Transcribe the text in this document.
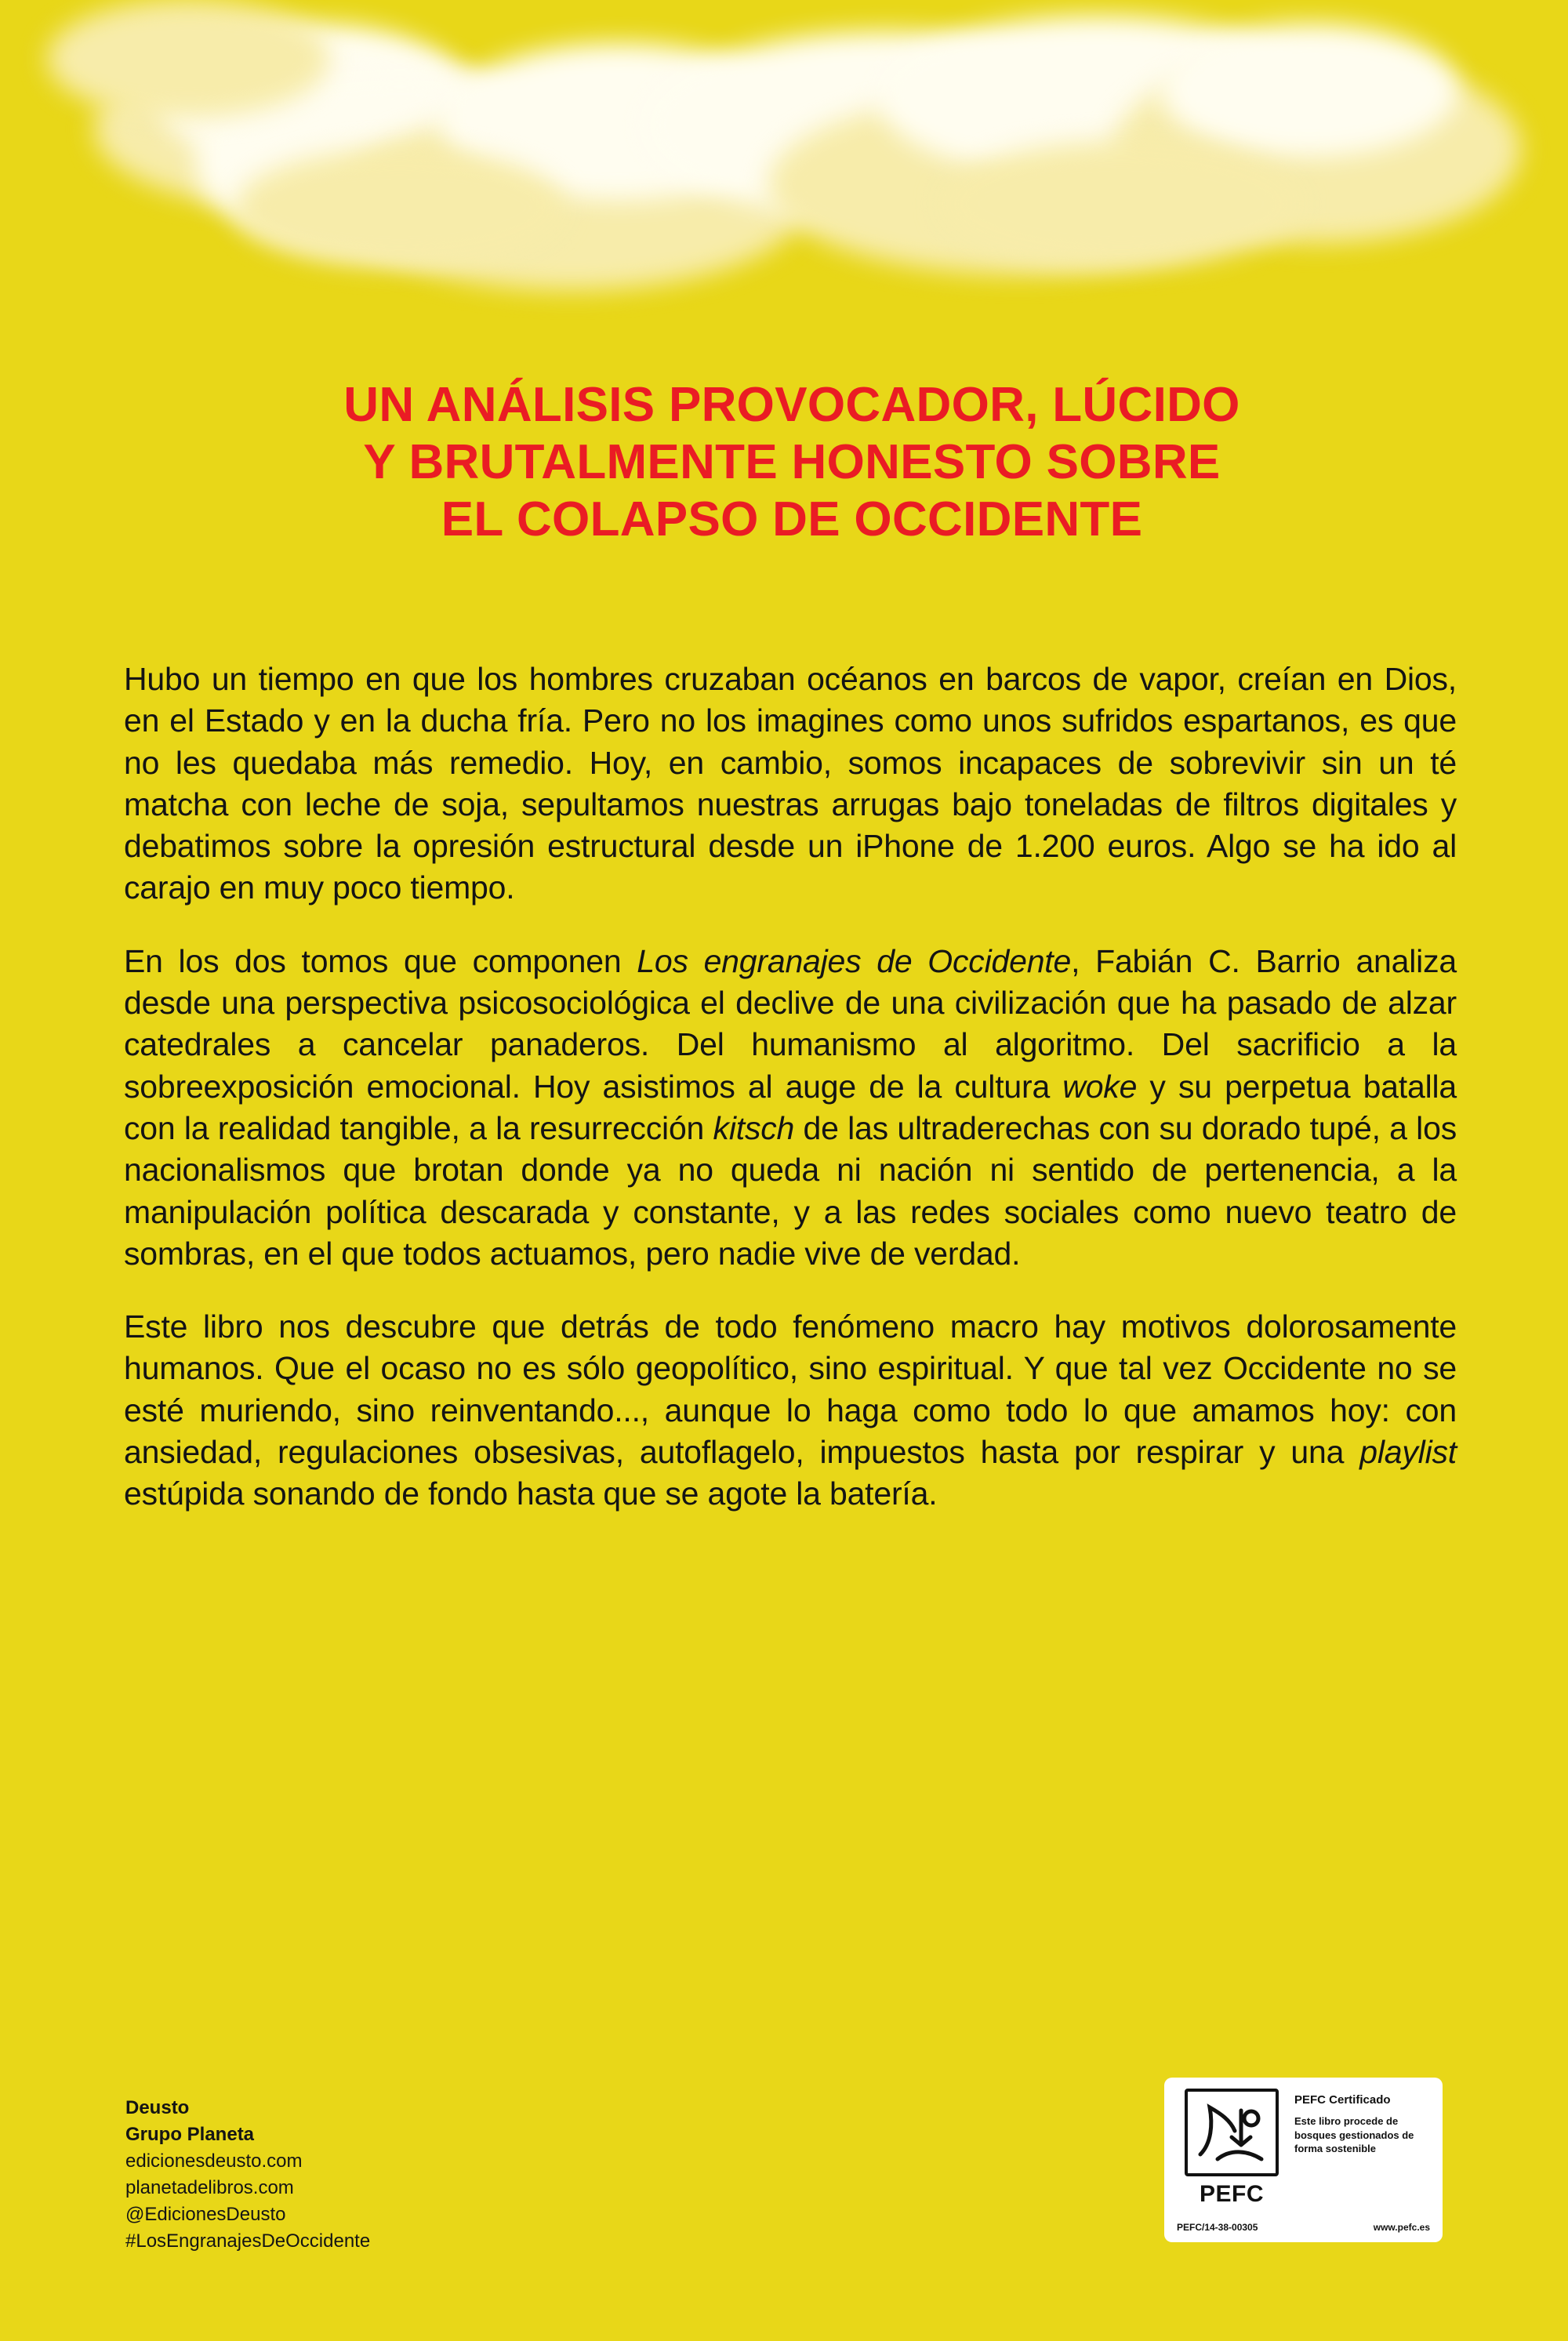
UN ANÁLISIS PROVOCADOR, LÚCIDO
Y BRUTALMENTE HONESTO SOBRE
EL COLAPSO DE OCCIDENTE

Hubo un tiempo en que los hombres cruzaban océanos en barcos de vapor, creían en Dios, en el Estado y en la ducha fría. Pero no los imagines como unos sufridos espartanos, es que no les quedaba más remedio. Hoy, en cambio, somos incapaces de sobrevivir sin un té matcha con leche de soja, sepultamos nuestras arrugas bajo toneladas de filtros digitales y debatimos sobre la opresión estructural desde un iPhone de 1.200 euros. Algo se ha ido al carajo en muy poco tiempo.

En los dos tomos que componen Los engranajes de Occidente, Fabián C. Barrio analiza desde una perspectiva psicosociológica el declive de una civilización que ha pasado de alzar catedrales a cancelar panaderos. Del humanismo al algoritmo. Del sacrificio a la sobreexposición emocional. Hoy asistimos al auge de la cultura woke y su perpetua batalla con la realidad tangible, a la resurrección kitsch de las ultraderechas con su dorado tupé, a los nacionalismos que brotan donde ya no queda ni nación ni sentido de pertenencia, a la manipulación política descarada y constante, y a las redes sociales como nuevo teatro de sombras, en el que todos actuamos, pero nadie vive de verdad.

Este libro nos descubre que detrás de todo fenómeno macro hay motivos dolorosamente humanos. Que el ocaso no es sólo geopolítico, sino espiritual. Y que tal vez Occidente no se esté muriendo, sino reinventando..., aunque lo haga como todo lo que amamos hoy: con ansiedad, regulaciones obsesivas, autoflagelo, impuestos hasta por respirar y una playlist estúpida sonando de fondo hasta que se agote la batería.

Deusto
Grupo Planeta
edicionesdeusto.com
planetadelibros.com
@EdicionesDeusto
#LosEngranajesDeOccidente
PEFC
PEFC Certificado
Este libro procede de bosques gestionados de forma sostenible
PEFC/14-38-00305	www.pefc.es
